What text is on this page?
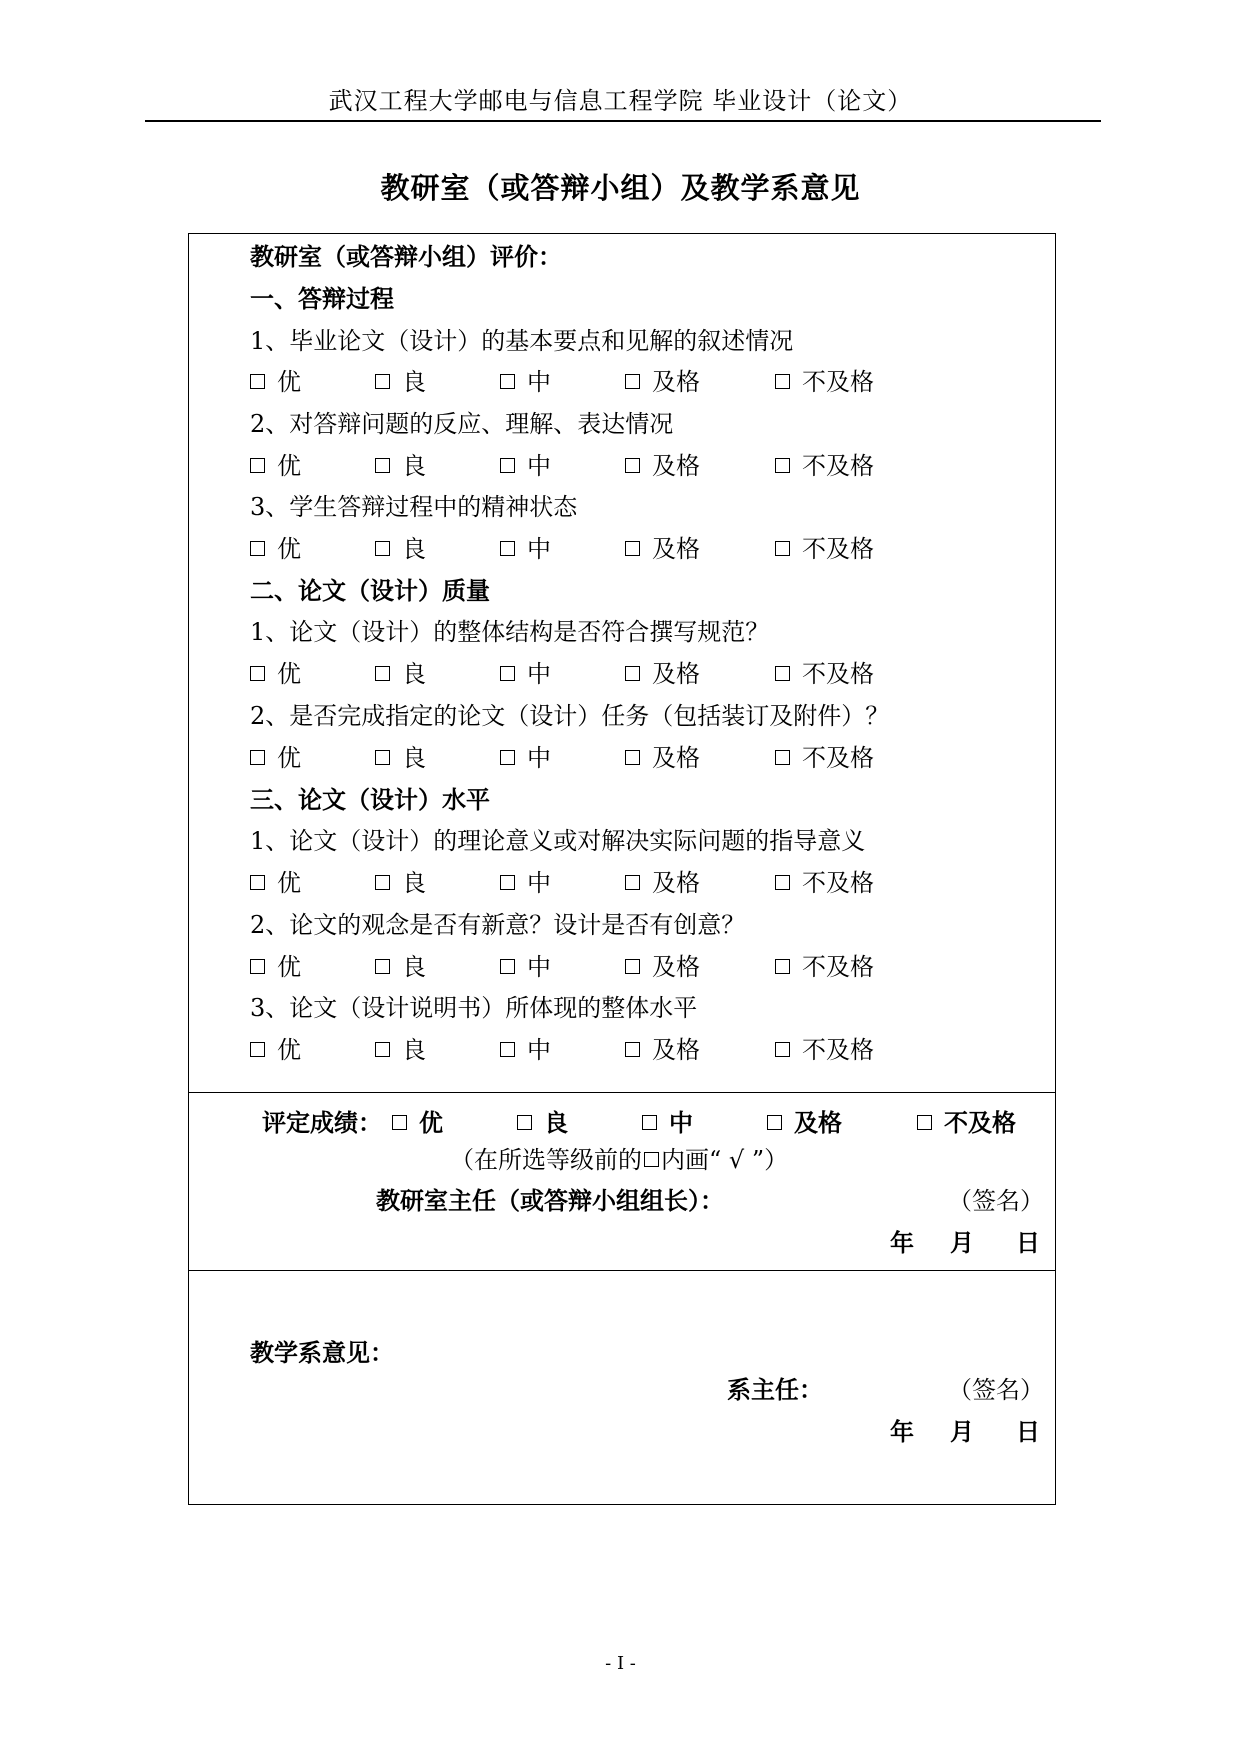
武汉工程大学邮电与信息工程学院 毕业设计（论文）
教研室（或答辩小组）及教学系意见
教研室（或答辩小组）评价：
一、答辩过程
1、毕业论文（设计）的基本要点和见解的叙述情况
优	良	中	及格	不及格
2、对答辩问题的反应、理解、表达情况
优	良	中	及格	不及格
3、学生答辩过程中的精神状态
优	良	中	及格	不及格
二、论文（设计）质量
1、论文（设计）的整体结构是否符合撰写规范？
优	良	中	及格	不及格
2、是否完成指定的论文（设计）任务（包括装订及附件）？
优	良	中	及格	不及格
三、论文（设计）水平
1、论文（设计）的理论意义或对解决实际问题的指导意义
优	良	中	及格	不及格
2、论文的观念是否有新意？设计是否有创意？
优	良	中	及格	不及格
3、论文（设计说明书）所体现的整体水平
优	良	中	及格	不及格
评定成绩：	优	良	中	及格	不及格
（在所选等级前的 内画“ √ ”）
教研室主任（或答辩小组组长）：	（签名）
年 月 日
教学系意见：
系主任：	（签名）
年 月 日
- I -
